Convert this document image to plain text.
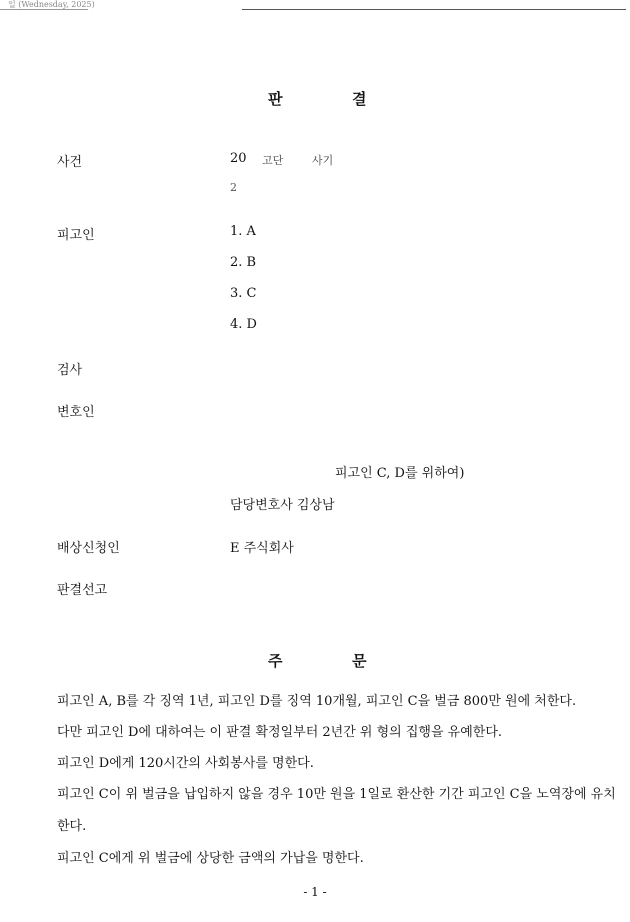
일 (Wednesday, 2025)
판	결
사건	20 고단	사기
2
피고인	1. A
2. B
3. C
4. D
검사
변호인
피고인 C, D를 위하여)
담당변호사 김상남
배상신청인	E 주식회사
판결선고
주	문
피고인 A, B를 각 징역 1년, 피고인 D를 징역 10개월, 피고인 C을 벌금 800만 원에 처한다.
다만 피고인 D에 대하여는 이 판결 확정일부터 2년간 위 형의 집행을 유예한다.
피고인 D에게 120시간의 사회봉사를 명한다.
피고인 C이 위 벌금을 납입하지 않을 경우 10만 원을 1일로 환산한 기간 피고인 C을 노역장에 유치
한다.
피고인 C에게 위 벌금에 상당한 금액의 가납을 명한다.
- 1 -
